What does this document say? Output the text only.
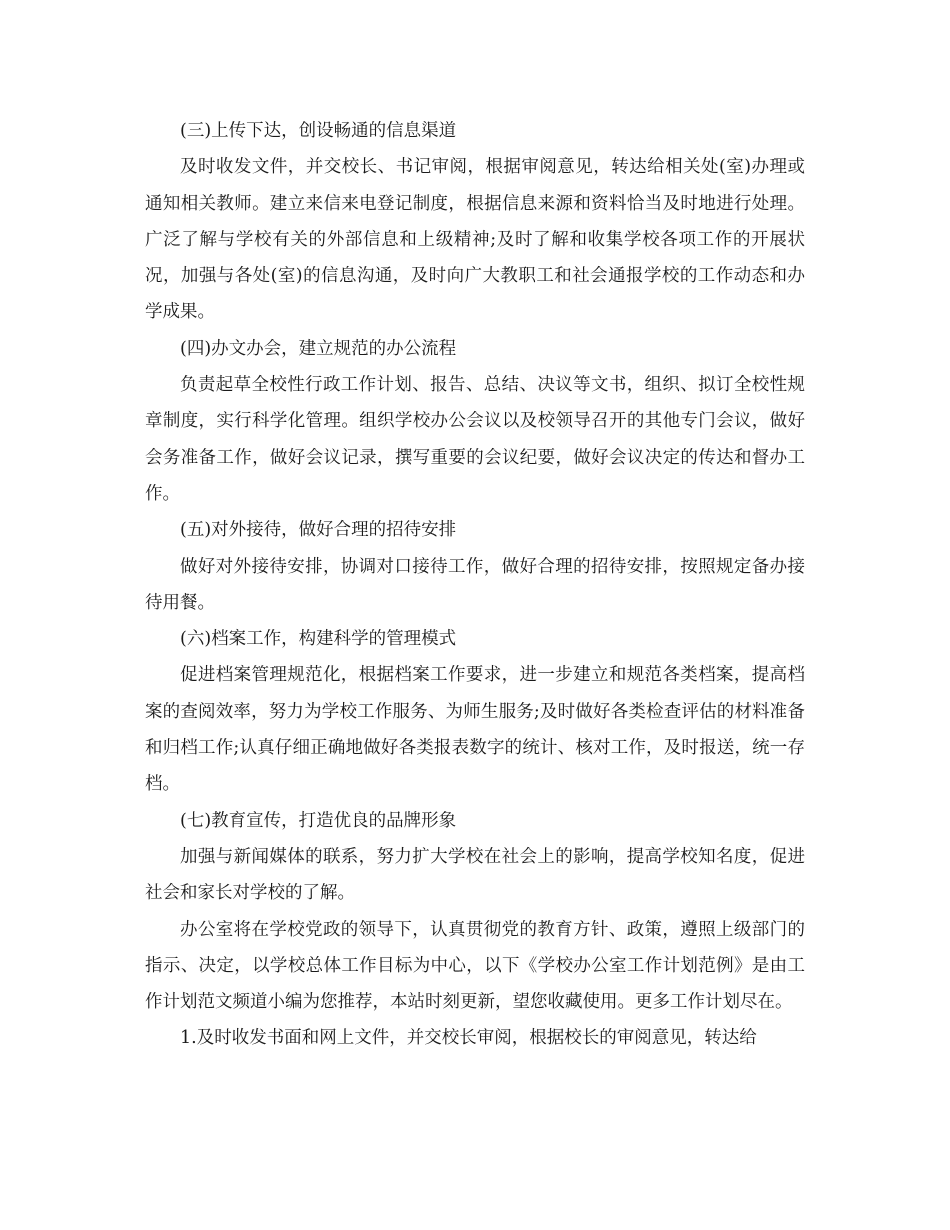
(三)上传下达，创设畅通的信息渠道

及时收发文件，并交校长、书记审阅，根据审阅意见，转达给相关处(室)办理或通知相关教师。建立来信来电登记制度，根据信息来源和资料恰当及时地进行处理。广泛了解与学校有关的外部信息和上级精神;及时了解和收集学校各项工作的开展状况，加强与各处(室)的信息沟通，及时向广大教职工和社会通报学校的工作动态和办学成果。

(四)办文办会，建立规范的办公流程

负责起草全校性行政工作计划、报告、总结、决议等文书，组织、拟订全校性规章制度，实行科学化管理。组织学校办公会议以及校领导召开的其他专门会议，做好会务准备工作，做好会议记录，撰写重要的会议纪要，做好会议决定的传达和督办工作。

(五)对外接待，做好合理的招待安排

做好对外接待安排，协调对口接待工作，做好合理的招待安排，按照规定备办接待用餐。

(六)档案工作，构建科学的管理模式

促进档案管理规范化，根据档案工作要求，进一步建立和规范各类档案，提高档案的查阅效率，努力为学校工作服务、为师生服务;及时做好各类检查评估的材料准备和归档工作;认真仔细正确地做好各类报表数字的统计、核对工作，及时报送，统一存档。

(七)教育宣传，打造优良的品牌形象

加强与新闻媒体的联系，努力扩大学校在社会上的影响，提高学校知名度，促进社会和家长对学校的了解。

办公室将在学校党政的领导下，认真贯彻党的教育方针、政策，遵照上级部门的指示、决定，以学校总体工作目标为中心，以下《学校办公室工作计划范例》是由工作计划范文频道小编为您推荐，本站时刻更新，望您收藏使用。更多工作计划尽在。

1.及时收发书面和网上文件，并交校长审阅，根据校长的审阅意见，转达给
